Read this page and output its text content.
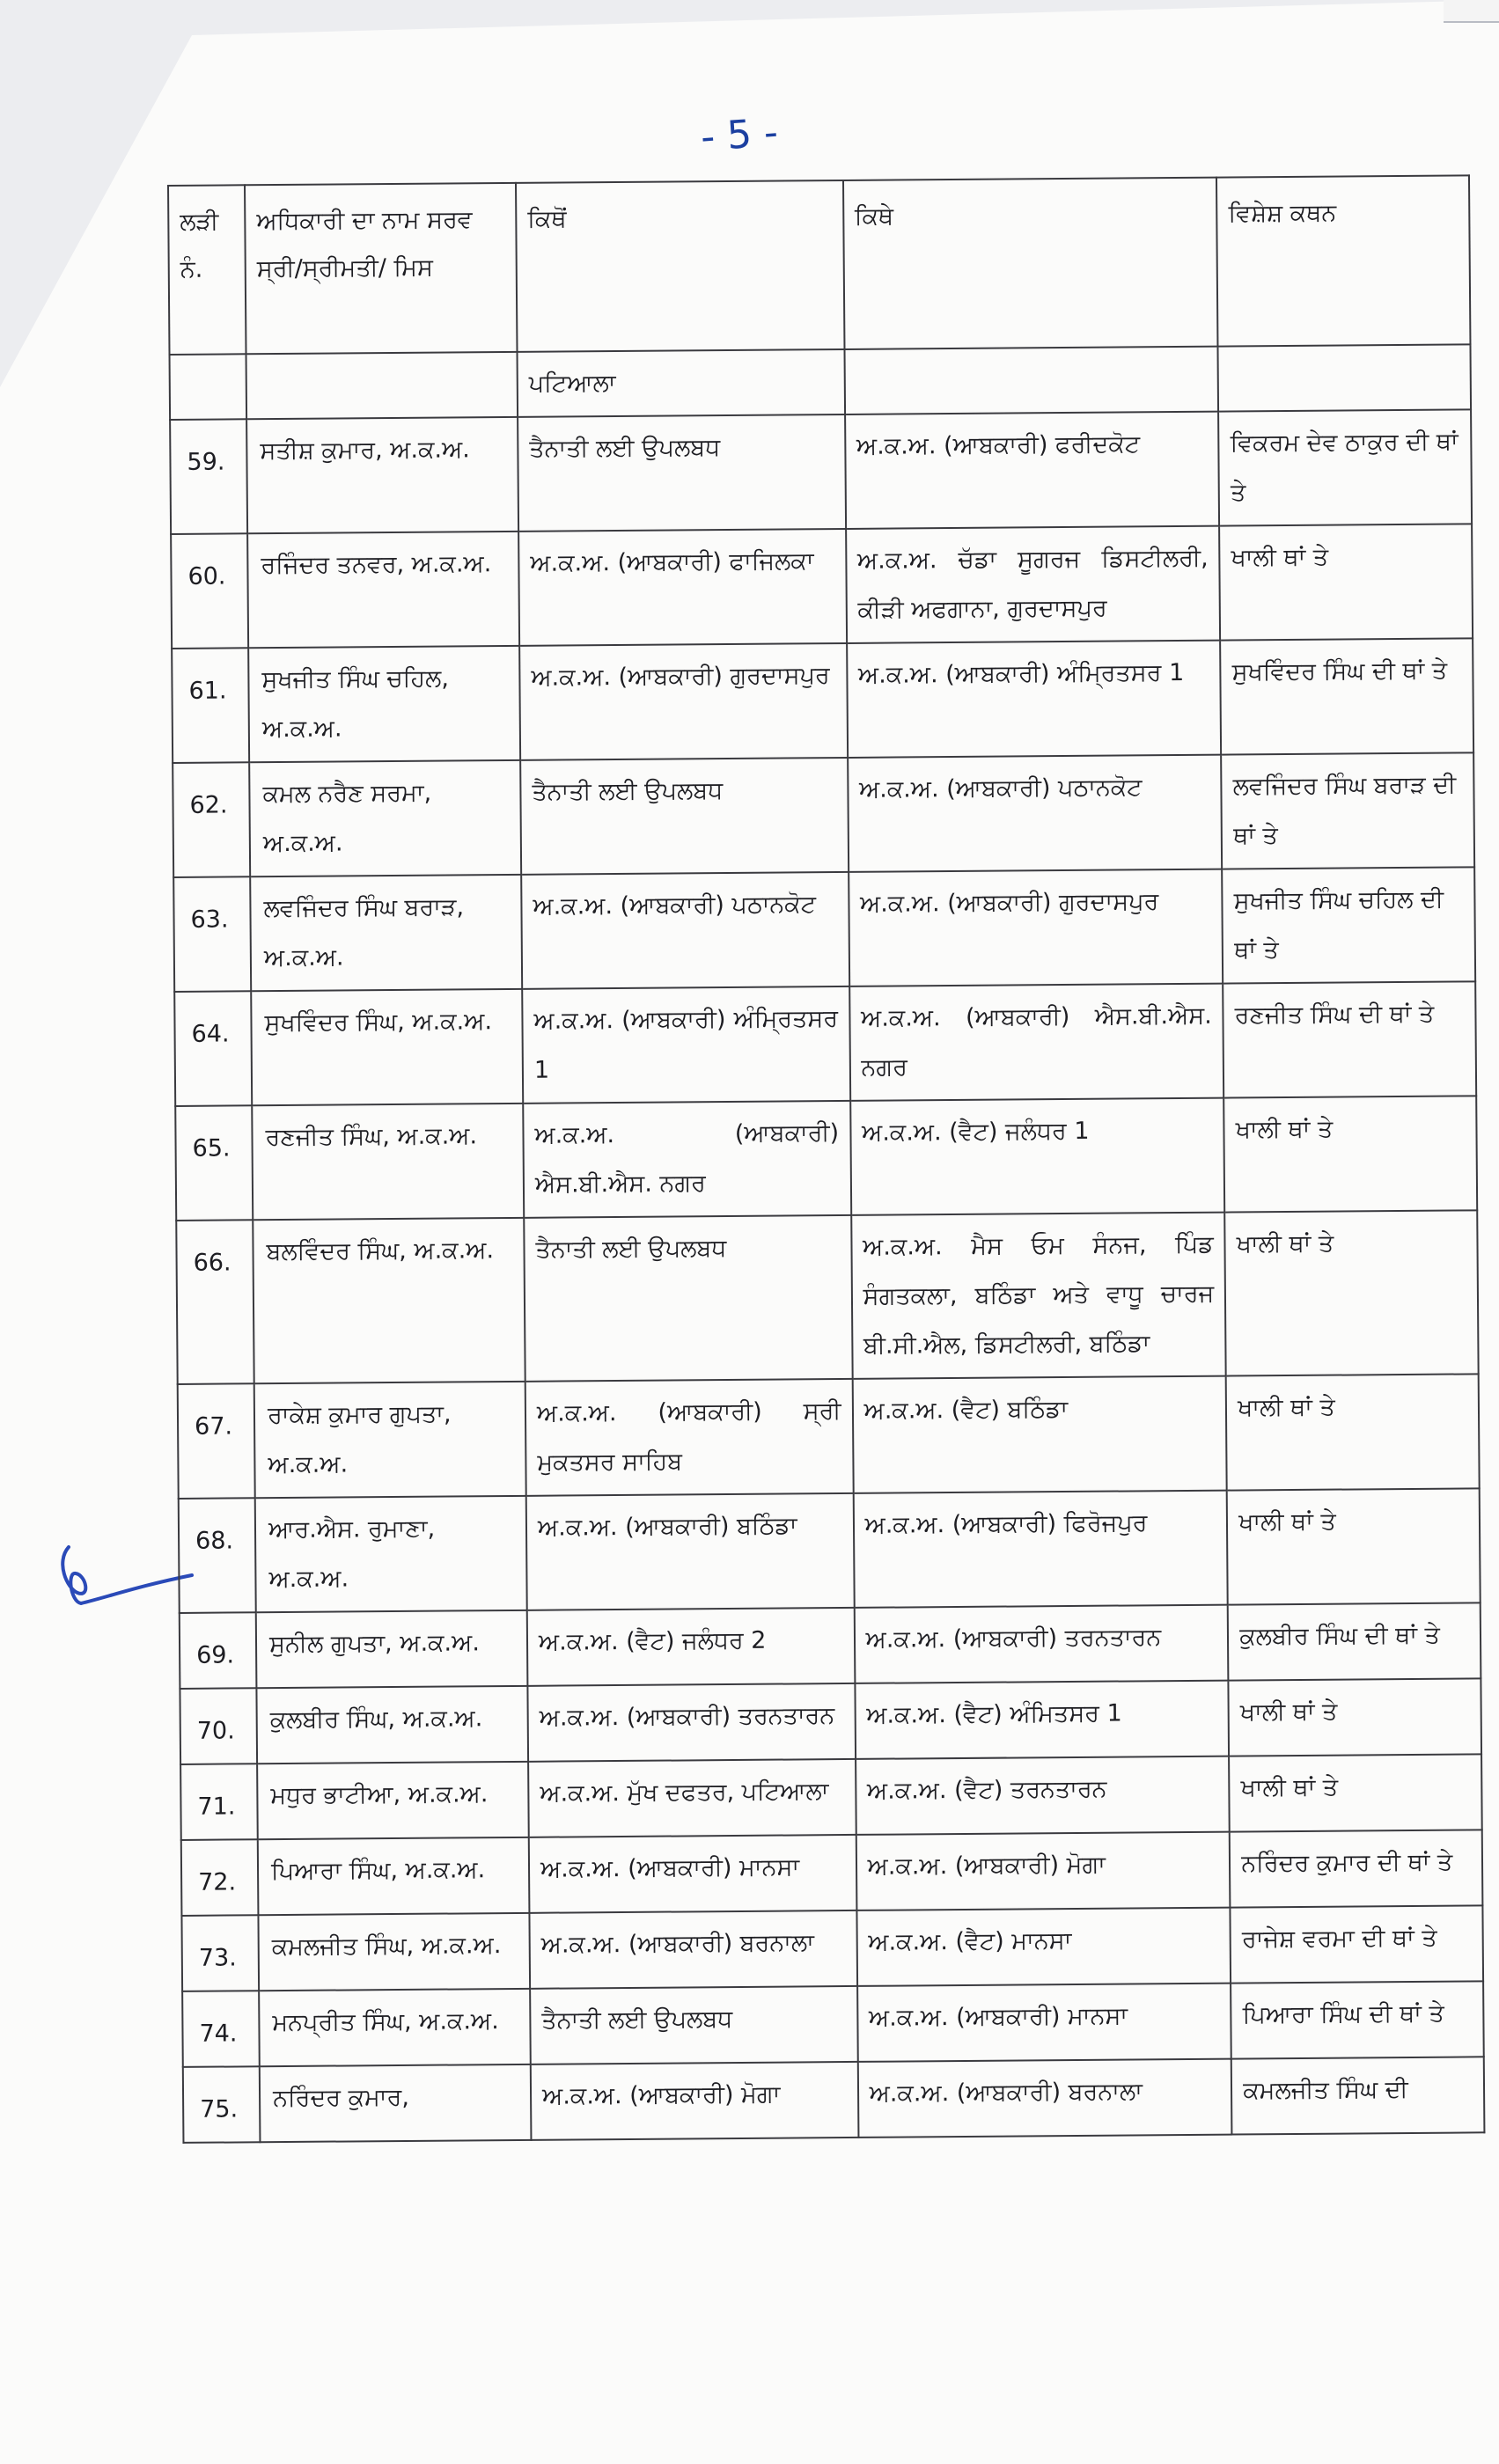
- 5 -
ਲੜੀ ਨੰ.	ਅਧਿਕਾਰੀ ਦਾ ਨਾਮ ਸਰਵ ਸ੍ਰੀ/ਸ੍ਰੀਮਤੀ/ ਮਿਸ	ਕਿਥੋਂ	ਕਿਥੇ	ਵਿਸ਼ੇਸ਼ ਕਥਨ
		ਪਟਿਆਲਾ		
59.	ਸਤੀਸ਼ ਕੁਮਾਰ, ਅ.ਕ.ਅ.	ਤੈਨਾਤੀ ਲਈ ਉਪਲਬਧ	ਅ.ਕ.ਅ. (ਆਬਕਾਰੀ) ਫਰੀਦਕੋਟ	ਵਿਕਰਮ ਦੇਵ ਠਾਕੁਰ ਦੀ ਥਾਂ ਤੇ
60.	ਰਜਿੰਦਰ ਤਨਵਰ, ਅ.ਕ.ਅ.	ਅ.ਕ.ਅ. (ਆਬਕਾਰੀ) ਫਾਜਿਲਕਾ	ਅ.ਕ.ਅ. ਚੱਡਾ ਸੂਗਰਜ ਡਿਸਟੀਲਰੀ, ਕੀੜੀ ਅਫਗਾਨਾ, ਗੁਰਦਾਸਪੁਰ	ਖਾਲੀ ਥਾਂ ਤੇ
61.	ਸੁਖਜੀਤ ਸਿੰਘ ਚਹਿਲ, ਅ.ਕ.ਅ.	ਅ.ਕ.ਅ. (ਆਬਕਾਰੀ) ਗੁਰਦਾਸਪੁਰ	ਅ.ਕ.ਅ. (ਆਬਕਾਰੀ) ਅੰਮ੍ਰਿਤਸਰ 1	ਸੁਖਵਿੰਦਰ ਸਿੰਘ ਦੀ ਥਾਂ ਤੇ
62.	ਕਮਲ ਨਰੈਣ ਸਰਮਾ, ਅ.ਕ.ਅ.	ਤੈਨਾਤੀ ਲਈ ਉਪਲਬਧ	ਅ.ਕ.ਅ. (ਆਬਕਾਰੀ) ਪਠਾਨਕੋਟ	ਲਵਜਿੰਦਰ ਸਿੰਘ ਬਰਾੜ ਦੀ ਥਾਂ ਤੇ
63.	ਲਵਜਿੰਦਰ ਸਿੰਘ ਬਰਾੜ, ਅ.ਕ.ਅ.	ਅ.ਕ.ਅ. (ਆਬਕਾਰੀ) ਪਠਾਨਕੋਟ	ਅ.ਕ.ਅ. (ਆਬਕਾਰੀ) ਗੁਰਦਾਸਪੁਰ	ਸੁਖਜੀਤ ਸਿੰਘ ਚਹਿਲ ਦੀ ਥਾਂ ਤੇ
64.	ਸੁਖਵਿੰਦਰ ਸਿੰਘ, ਅ.ਕ.ਅ.	ਅ.ਕ.ਅ. (ਆਬਕਾਰੀ) ਅੰਮ੍ਰਿਤਸਰ 1	ਅ.ਕ.ਅ. (ਆਬਕਾਰੀ) ਐਸ.ਬੀ.ਐਸ. ਨਗਰ	ਰਣਜੀਤ ਸਿੰਘ ਦੀ ਥਾਂ ਤੇ
65.	ਰਣਜੀਤ ਸਿੰਘ, ਅ.ਕ.ਅ.	ਅ.ਕ.ਅ. (ਆਬਕਾਰੀ) ਐਸ.ਬੀ.ਐਸ. ਨਗਰ	ਅ.ਕ.ਅ. (ਵੈਟ) ਜਲੰਧਰ 1	ਖਾਲੀ ਥਾਂ ਤੇ
66.	ਬਲਵਿੰਦਰ ਸਿੰਘ, ਅ.ਕ.ਅ.	ਤੈਨਾਤੀ ਲਈ ਉਪਲਬਧ	ਅ.ਕ.ਅ. ਮੈਸ ਓਮ ਸੰਨਜ, ਪਿੰਡ ਸੰਗਤਕਲਾ, ਬਠਿੰਡਾ ਅਤੇ ਵਾਧੂ ਚਾਰਜ ਬੀ.ਸੀ.ਐਲ, ਡਿਸਟੀਲਰੀ, ਬਠਿੰਡਾ	ਖਾਲੀ ਥਾਂ ਤੇ
67.	ਰਾਕੇਸ਼ ਕੁਮਾਰ ਗੁਪਤਾ, ਅ.ਕ.ਅ.	ਅ.ਕ.ਅ. (ਆਬਕਾਰੀ) ਸ੍ਰੀ ਮੁਕਤਸਰ ਸਾਹਿਬ	ਅ.ਕ.ਅ. (ਵੈਟ) ਬਠਿੰਡਾ	ਖਾਲੀ ਥਾਂ ਤੇ
68.	ਆਰ.ਐਸ. ਰੁਮਾਣਾ, ਅ.ਕ.ਅ.	ਅ.ਕ.ਅ. (ਆਬਕਾਰੀ) ਬਠਿੰਡਾ	ਅ.ਕ.ਅ. (ਆਬਕਾਰੀ) ਫਿਰੋਜਪੁਰ	ਖਾਲੀ ਥਾਂ ਤੇ
69.	ਸੁਨੀਲ ਗੁਪਤਾ, ਅ.ਕ.ਅ.	ਅ.ਕ.ਅ. (ਵੈਟ) ਜਲੰਧਰ 2	ਅ.ਕ.ਅ. (ਆਬਕਾਰੀ) ਤਰਨਤਾਰਨ	ਕੁਲਬੀਰ ਸਿੰਘ ਦੀ ਥਾਂ ਤੇ
70.	ਕੁਲਬੀਰ ਸਿੰਘ, ਅ.ਕ.ਅ.	ਅ.ਕ.ਅ. (ਆਬਕਾਰੀ) ਤਰਨਤਾਰਨ	ਅ.ਕ.ਅ. (ਵੈਟ) ਅੰਮਿਤਸਰ 1	ਖਾਲੀ ਥਾਂ ਤੇ
71.	ਮਧੁਰ ਭਾਟੀਆ, ਅ.ਕ.ਅ.	ਅ.ਕ.ਅ. ਮੁੱਖ ਦਫਤਰ, ਪਟਿਆਲਾ	ਅ.ਕ.ਅ. (ਵੈਟ) ਤਰਨਤਾਰਨ	ਖਾਲੀ ਥਾਂ ਤੇ
72.	ਪਿਆਰਾ ਸਿੰਘ, ਅ.ਕ.ਅ.	ਅ.ਕ.ਅ. (ਆਬਕਾਰੀ) ਮਾਨਸਾ	ਅ.ਕ.ਅ. (ਆਬਕਾਰੀ) ਮੋਗਾ	ਨਰਿੰਦਰ ਕੁਮਾਰ ਦੀ ਥਾਂ ਤੇ
73.	ਕਮਲਜੀਤ ਸਿੰਘ, ਅ.ਕ.ਅ.	ਅ.ਕ.ਅ. (ਆਬਕਾਰੀ) ਬਰਨਾਲਾ	ਅ.ਕ.ਅ. (ਵੈਟ) ਮਾਨਸਾ	ਰਾਜੇਸ਼ ਵਰਮਾ ਦੀ ਥਾਂ ਤੇ
74.	ਮਨਪ੍ਰੀਤ ਸਿੰਘ, ਅ.ਕ.ਅ.	ਤੈਨਾਤੀ ਲਈ ਉਪਲਬਧ	ਅ.ਕ.ਅ. (ਆਬਕਾਰੀ) ਮਾਨਸਾ	ਪਿਆਰਾ ਸਿੰਘ ਦੀ ਥਾਂ ਤੇ
75.	ਨਰਿੰਦਰ ਕੁਮਾਰ,	ਅ.ਕ.ਅ. (ਆਬਕਾਰੀ) ਮੋਗਾ	ਅ.ਕ.ਅ. (ਆਬਕਾਰੀ) ਬਰਨਾਲਾ	ਕਮਲਜੀਤ ਸਿੰਘ ਦੀ
